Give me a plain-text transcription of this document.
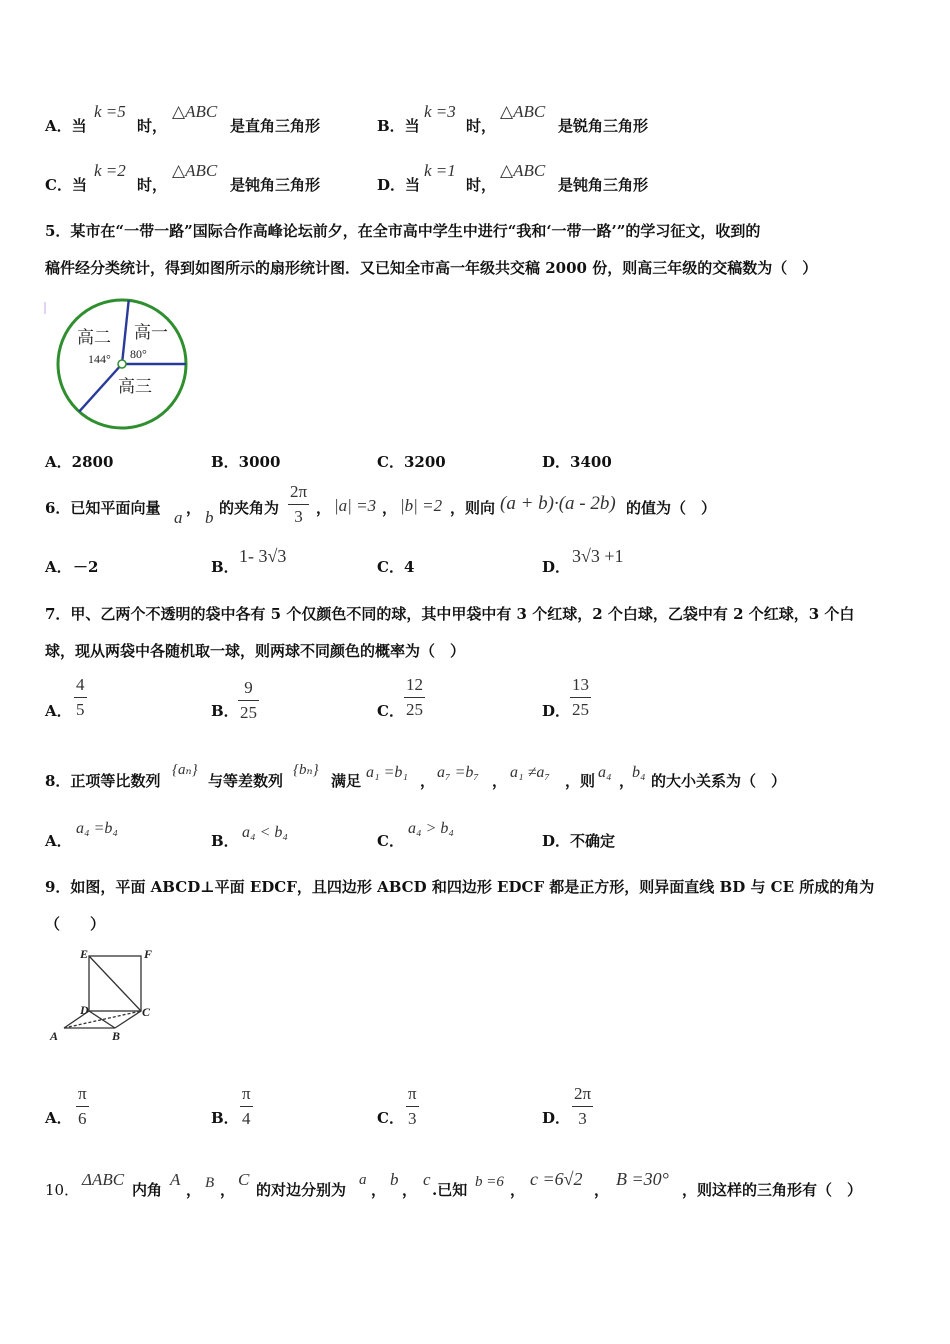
A．当
k =5
时，
△ABC
是直角三角形	B．当
k =3
时，
△ABC
是锐角三角形
C．当
k =2
时，
△ABC
是钝角三角形	D．当
k =1
时，
△ABC
是钝角三角形
5．某市在“一带一路”国际合作高峰论坛前夕，在全市高中学生中进行“我和‘一带一路’”的学习征文，收到的
稿件经分类统计，得到如图所示的扇形统计图．又已知全市高一年级共交稿 2000 份，则高三年级的交稿数为（　）
高二 高一
高三
144° 80°
A．2800	B．3000	C．3200	D．3400
6．已知平面向量 a ， b 的夹角为
2π
3 ， |a| =3 ， |b| =2 ，则向 (a + b)·(a - 2b) 的值为（　）
A． －2	B．
1- 3√3
C．4	D．
3√3 +1
7．甲、乙两个不透明的袋中各有 5 个仅颜色不同的球，其中甲袋中有 3 个红球，2 个白球，乙袋中有 2 个红球，3 个白
球，现从两袋中各随机取一球，则两球不同颜色的概率为（　）
A．
4
5	B．
9
25	C．
12
25	D．
13
25
8．正项等比数列
{aₙ}
与等差数列
{bₙ}
满足 a₁ =b₁ ， a₇ =b₇ ， a₁ ≠a₇ ，则 a₄ ，
b₄ 的大小关系为（　）
A．
a₄ =b₄
B． a₄ < b₄	C．
a₄ > b₄
D．不确定
9．如图，平面 ABCD⊥平面 EDCF，且四边形 ABCD 和四边形 EDCF 都是正方形，则异面直线 BD 与 CE 所成的角为
（　　）
E	F
D	C
A	B
A．
π
6	B．
π
4	C．
π
3	D．
2π
3
10．
ΔABC
内角
A
， B ，
C
的对边分别为
a
，
b
，
c
.已知 b =6 ，
c =6√2
，
B =30°
，则这样的三角形有（　）
